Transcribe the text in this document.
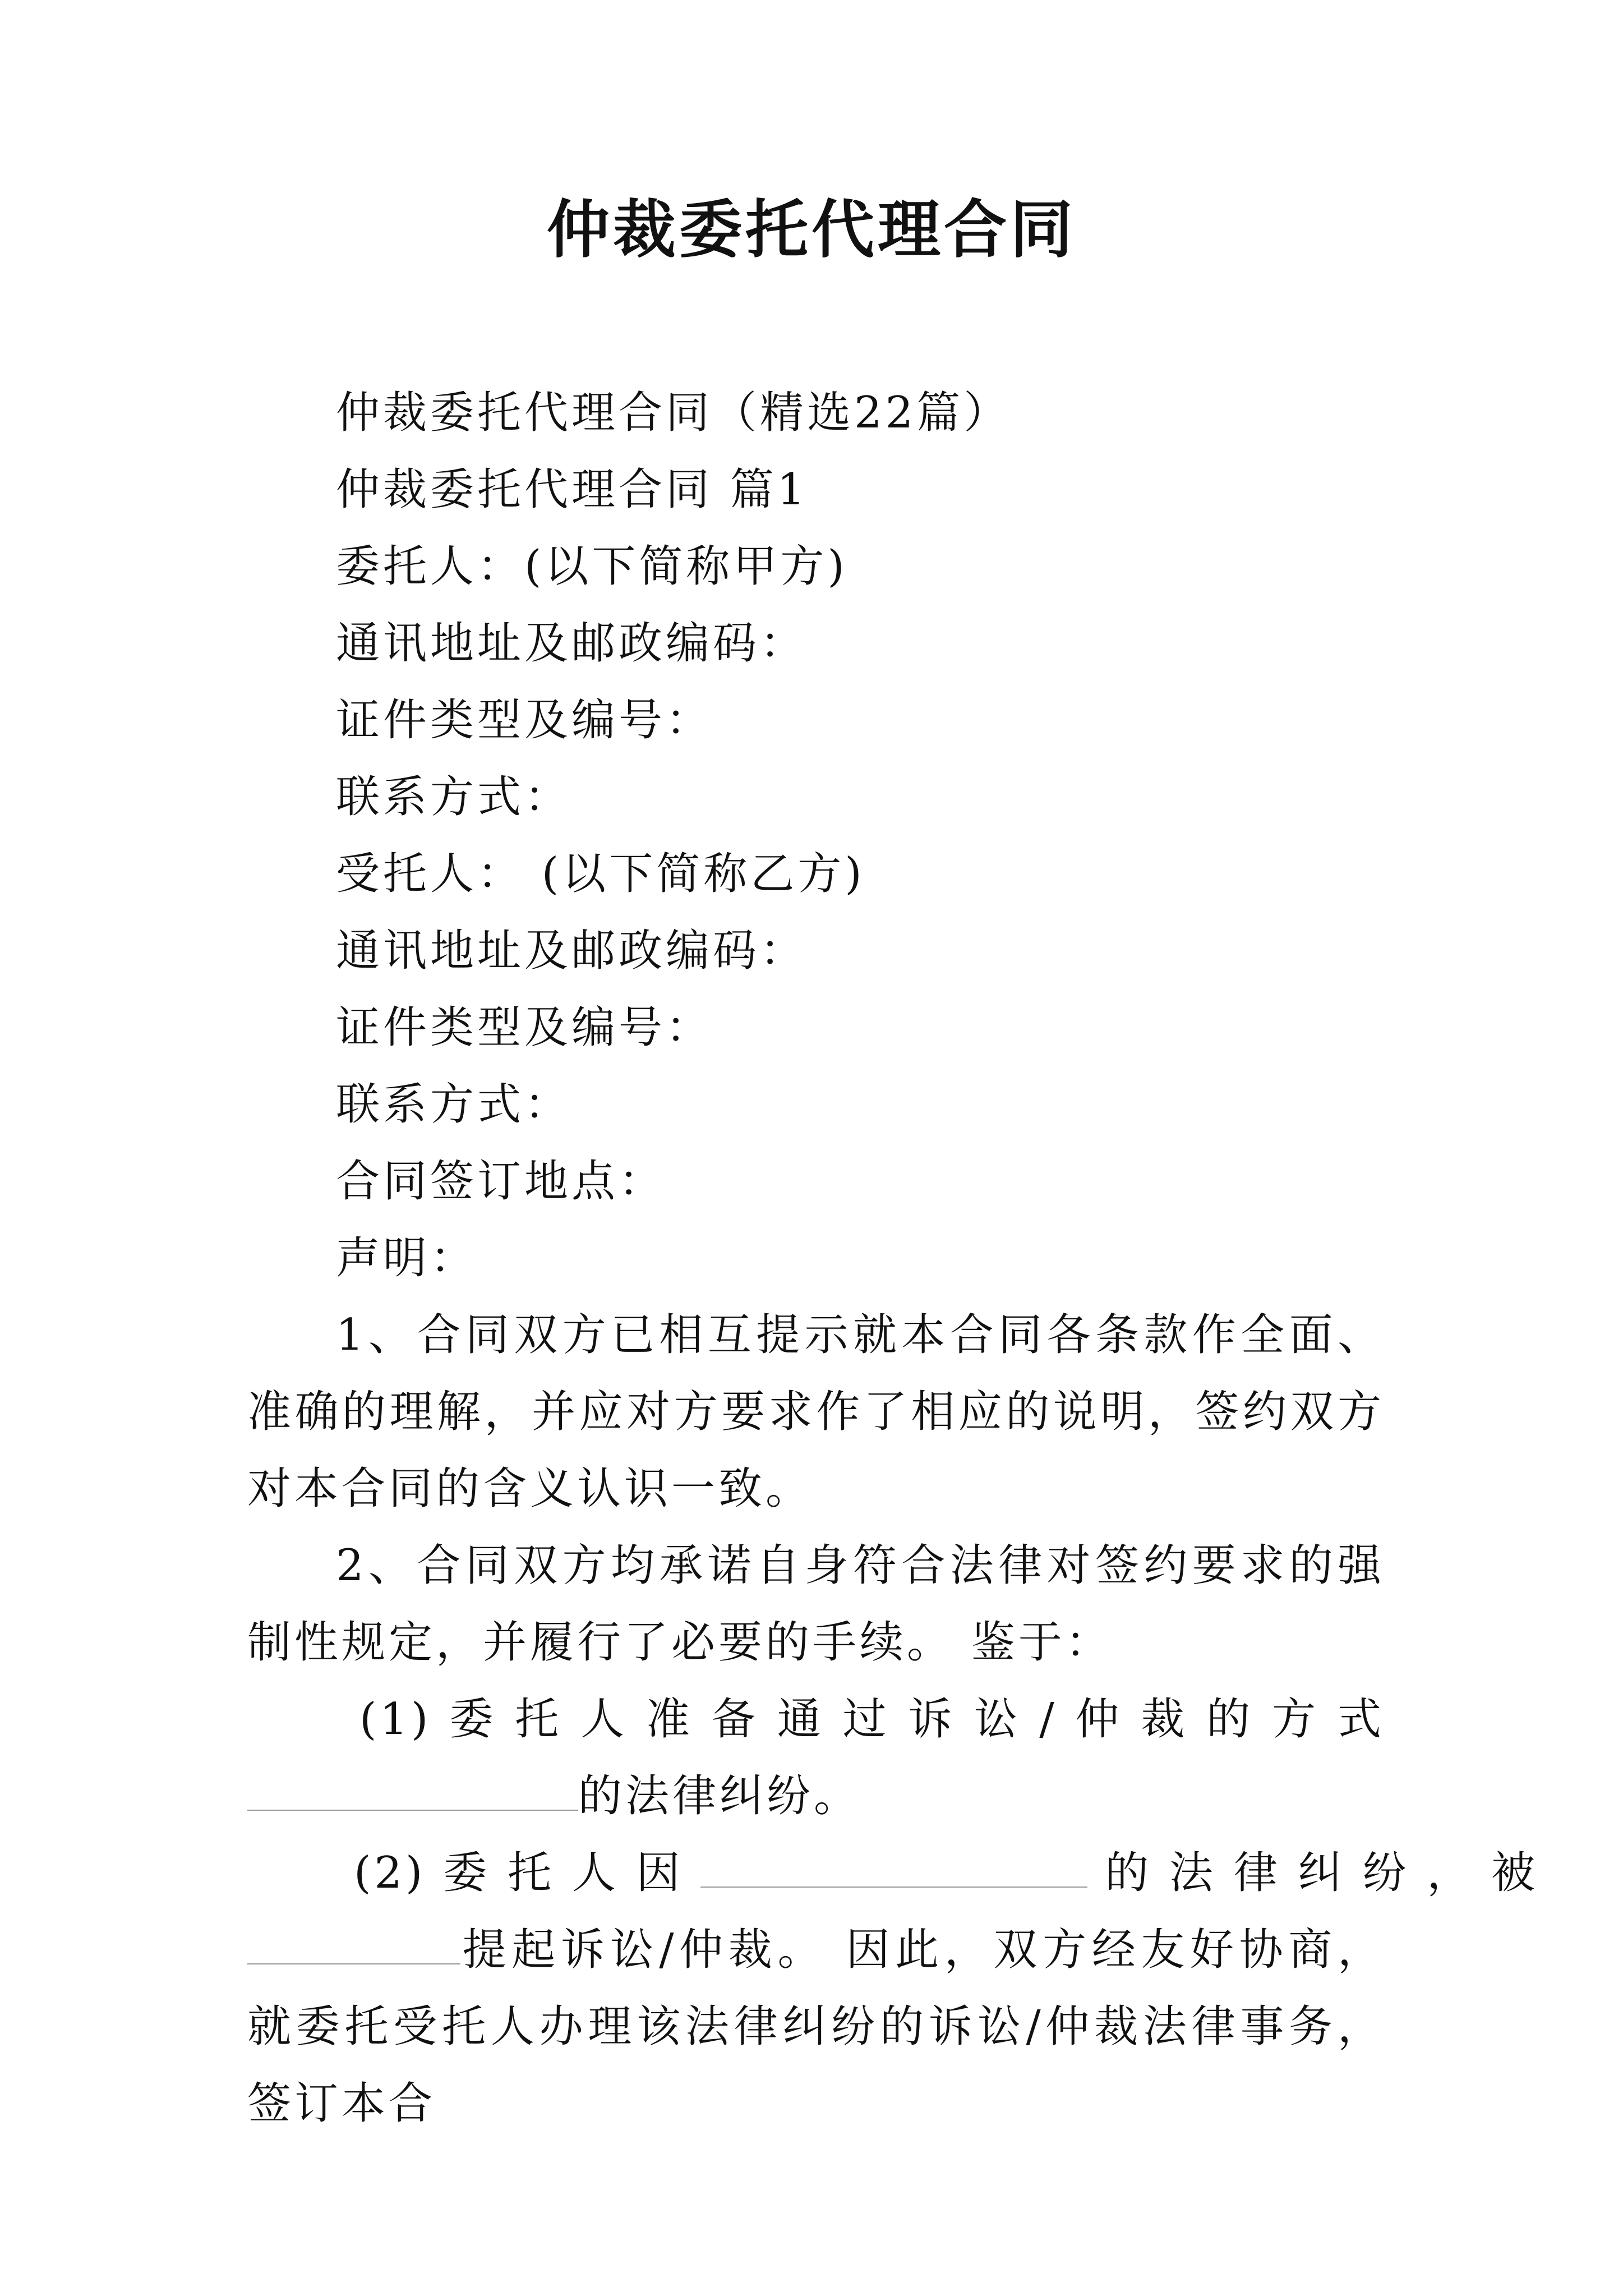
仲裁委托代理合同
仲裁委托代理合同（精选22篇）
仲裁委托代理合同 篇1
委托人：(以下简称甲方)
通讯地址及邮政编码：
证件类型及编号：
联系方式：
受托人： (以下简称乙方)
通讯地址及邮政编码：
证件类型及编号：
联系方式：
合同签订地点：
声明：
1、合同双方已相互提示就本合同各条款作全面、准确的理解，并应对方要求作了相应的说明，签约双方对本合同的含义认识一致。
2、合同双方均承诺自身符合法律对签约要求的强制性规定，并履行了必要的手续。 鉴于：
(1) 委 托 人 准 备 通 过 诉 讼 / 仲 裁 的 方 式
的法律纠纷。
(2) 委 托 人 因	的 法 律 纠 纷 ， 被
提起诉讼/仲裁。 因此，双方经友好协商，就委托受托人办理该法律纠纷的诉讼/仲裁法律事务，签订本合
